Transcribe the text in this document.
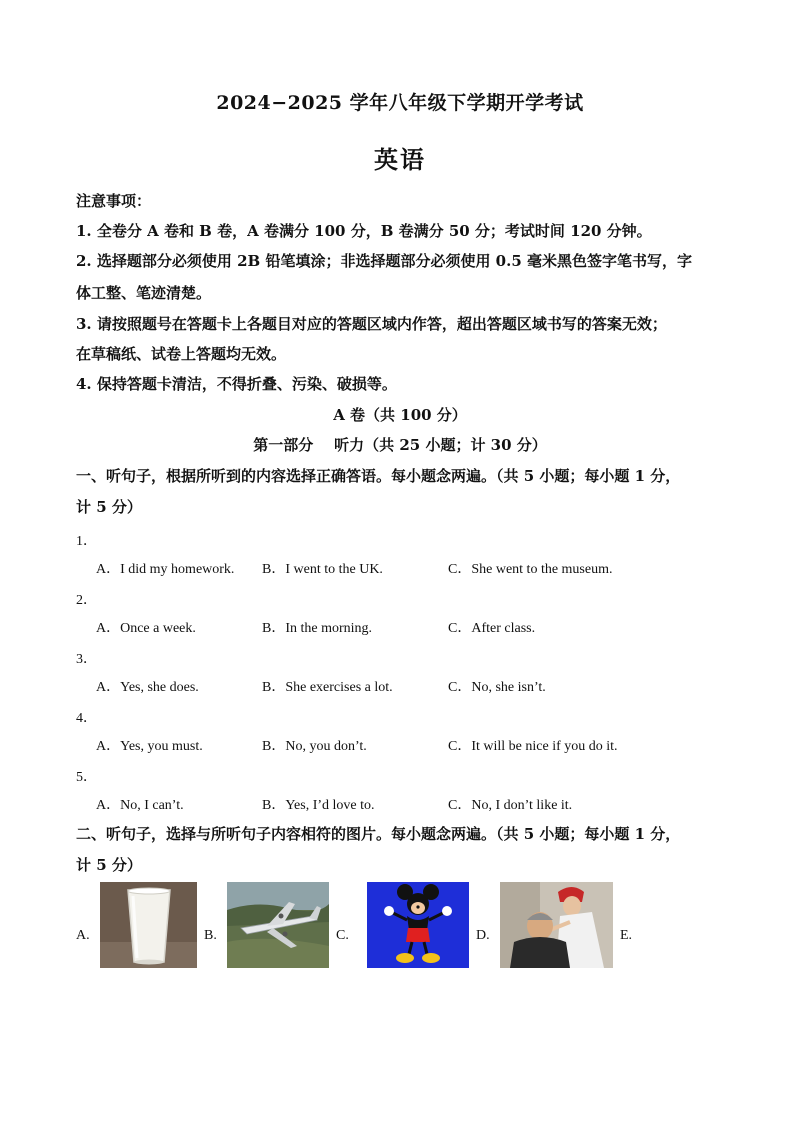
2024−2025 学年八年级下学期开学考试
英语
注意事项：
1. 全卷分 A 卷和 B 卷，A 卷满分 100 分，B 卷满分 50 分；考试时间 120 分钟。
2. 选择题部分必须使用 2B 铅笔填涂；非选择题部分必须使用 0.5 毫米黑色签字笔书写，字
体工整、笔迹清楚。
3. 请按照题号在答题卡上各题目对应的答题区域内作答，超出答题区域书写的答案无效；
在草稿纸、试卷上答题均无效。
4. 保持答题卡清洁，不得折叠、污染、破损等。
A 卷（共 100 分）
第一部分    听力（共 25 小题；计 30 分）
一、听句子，根据所听到的内容选择正确答语。每小题念两遍。（共 5 小题；每小题 1 分，
计 5 分）
1．
A．I did my homework. B．I went to the UK.	C．She went to the museum.
2．
A．Once a week.	B．In the morning.	C．After class.
3．
A．Yes, she does.	B．She exercises a lot.	C．No, she isn’t.
4．
A．Yes, you must.	B．No, you don’t.	C．It will be nice if you do it.
5．
A．No, I can’t.	B．Yes, I’d love to.	C．No, I don’t like it.
二、听句子，选择与所听句子内容相符的图片。每小题念两遍。（共 5 小题；每小题 1 分，
计 5 分）
A.	B.	C.	D.	E.
